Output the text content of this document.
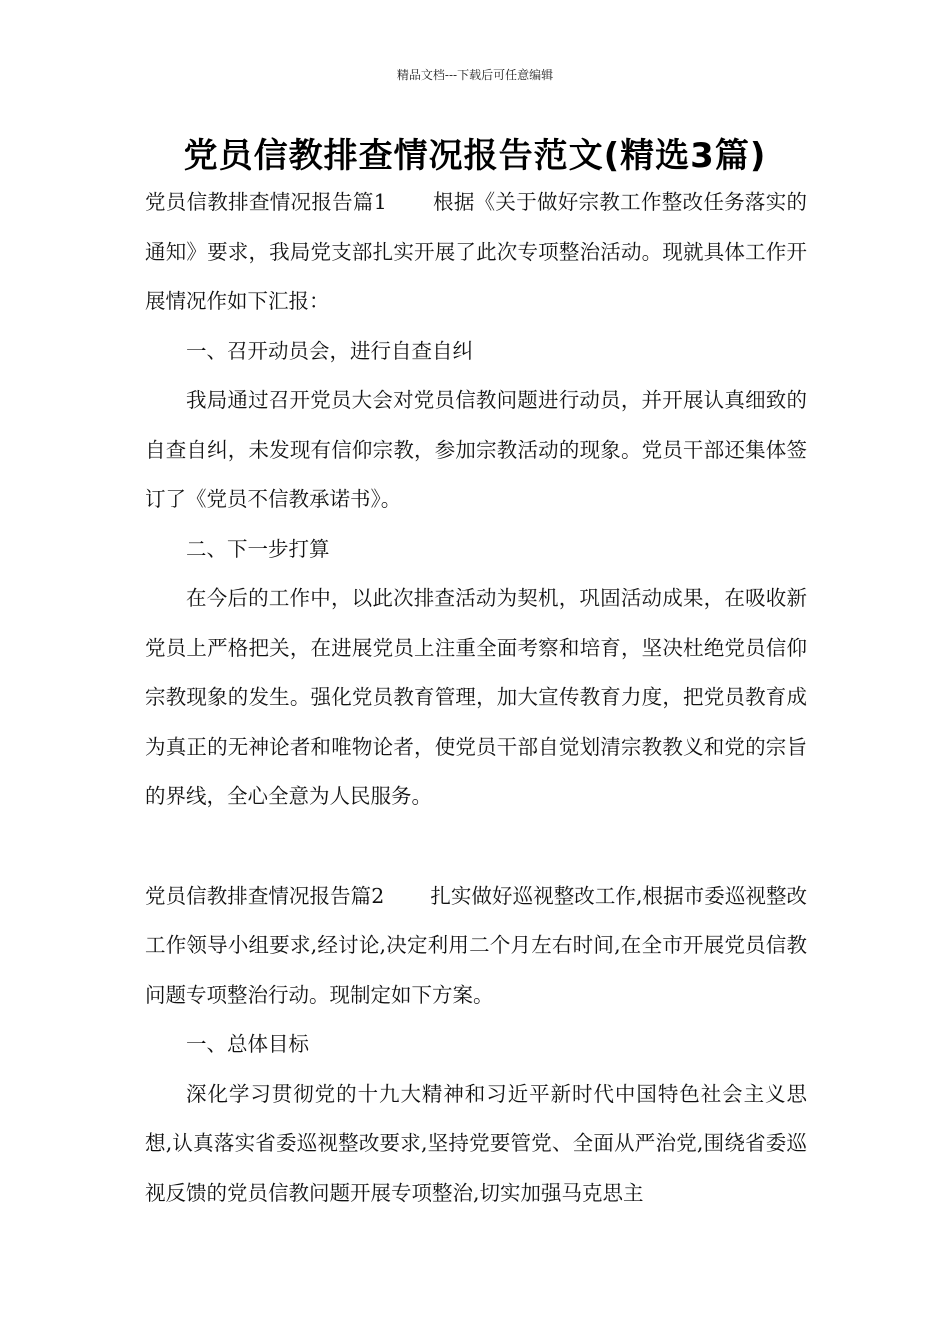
精品文档---下载后可任意编辑
党员信教排查情况报告范文(精选3篇)

党员信教排查情况报告篇1 根据《关于做好宗教工作整改任务落实的通知》要求，我局党支部扎实开展了此次专项整治活动。现就具体工作开展情况作如下汇报：

一、召开动员会，进行自查自纠

我局通过召开党员大会对党员信教问题进行动员，并开展认真细致的自查自纠，未发现有信仰宗教，参加宗教活动的现象。党员干部还集体签订了《党员不信教承诺书》。

二、下一步打算

在今后的工作中，以此次排查活动为契机，巩固活动成果，在吸收新党员上严格把关，在进展党员上注重全面考察和培育，坚决杜绝党员信仰宗教现象的发生。强化党员教育管理，加大宣传教育力度，把党员教育成为真正的无神论者和唯物论者，使党员干部自觉划清宗教教义和党的宗旨的界线，全心全意为人民服务。

党员信教排查情况报告篇2 扎实做好巡视整改工作,根据市委巡视整改工作领导小组要求,经讨论,决定利用二个月左右时间,在全市开展党员信教问题专项整治行动。现制定如下方案。

一、总体目标

深化学习贯彻党的十九大精神和习近平新时代中国特色社会主义思想,认真落实省委巡视整改要求,坚持党要管党、全面从严治党,围绕省委巡视反馈的党员信教问题开展专项整治,切实加强马克思主
